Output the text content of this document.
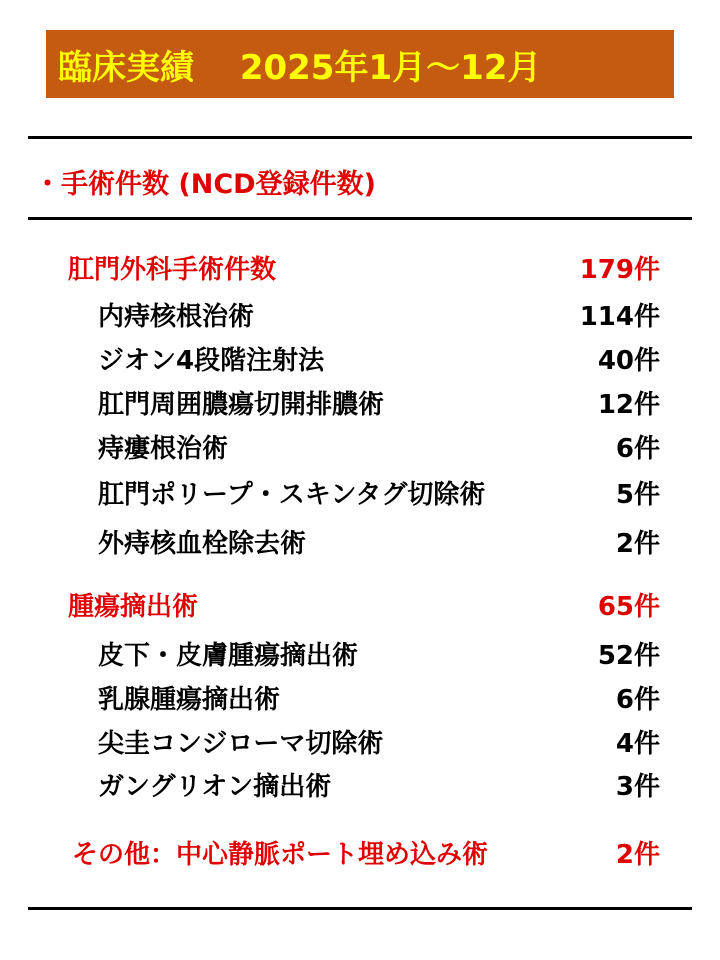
臨床実績　 2025年1月～12月
・手術件数 (NCD登録件数)
肛門外科手術件数	179件
内痔核根治術	114件
ジオン4段階注射法	40件
肛門周囲膿瘍切開排膿術	12件
痔瘻根治術	6件
肛門ポリープ・スキンタグ切除術	5件
外痔核血栓除去術	2件
腫瘍摘出術	65件
皮下・皮膚腫瘍摘出術	52件
乳腺腫瘍摘出術	6件
尖圭コンジローマ切除術	4件
ガングリオン摘出術	3件
その他：中心静脈ポート埋め込み術	2件
